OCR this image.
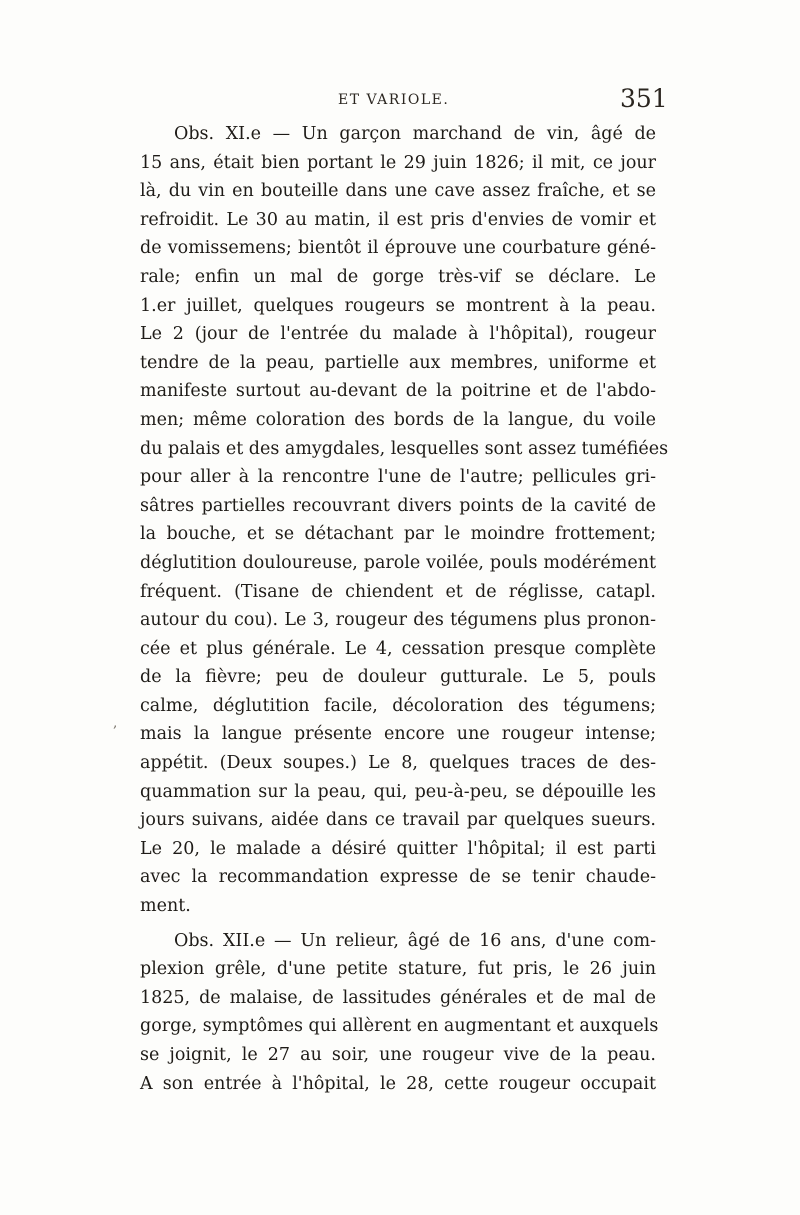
ET VARIOLE.	351
‚
Obs. XI.e — Un garçon marchand de vin, âgé de
15 ans, était bien portant le 29 juin 1826; il mit, ce jour
là, du vin en bouteille dans une cave assez fraîche, et se
refroidit. Le 30 au matin, il est pris d'envies de vomir et
de vomissemens; bientôt il éprouve une courbature géné-
rale; enfin un mal de gorge très-vif se déclare. Le
1.er juillet, quelques rougeurs se montrent à la peau.
Le 2 (jour de l'entrée du malade à l'hôpital), rougeur
tendre de la peau, partielle aux membres, uniforme et
manifeste surtout au-devant de la poitrine et de l'abdo-
men; même coloration des bords de la langue, du voile
du palais et des amygdales, lesquelles sont assez tuméfiées
pour aller à la rencontre l'une de l'autre; pellicules gri-
sâtres partielles recouvrant divers points de la cavité de
la bouche, et se détachant par le moindre frottement;
déglutition douloureuse, parole voilée, pouls modérément
fréquent. (Tisane de chiendent et de réglisse, catapl.
autour du cou). Le 3, rougeur des tégumens plus pronon-
cée et plus générale. Le 4, cessation presque complète
de la fièvre; peu de douleur gutturale. Le 5, pouls
calme, déglutition facile, décoloration des tégumens;
mais la langue présente encore une rougeur intense;
appétit. (Deux soupes.) Le 8, quelques traces de des-
quammation sur la peau, qui, peu-à-peu, se dépouille les
jours suivans, aidée dans ce travail par quelques sueurs.
Le 20, le malade a désiré quitter l'hôpital; il est parti
avec la recommandation expresse de se tenir chaude-
ment.
Obs. XII.e — Un relieur, âgé de 16 ans, d'une com-
plexion grêle, d'une petite stature, fut pris, le 26 juin
1825, de malaise, de lassitudes générales et de mal de
gorge, symptômes qui allèrent en augmentant et auxquels
se joignit, le 27 au soir, une rougeur vive de la peau.
A son entrée à l'hôpital, le 28, cette rougeur occupait
